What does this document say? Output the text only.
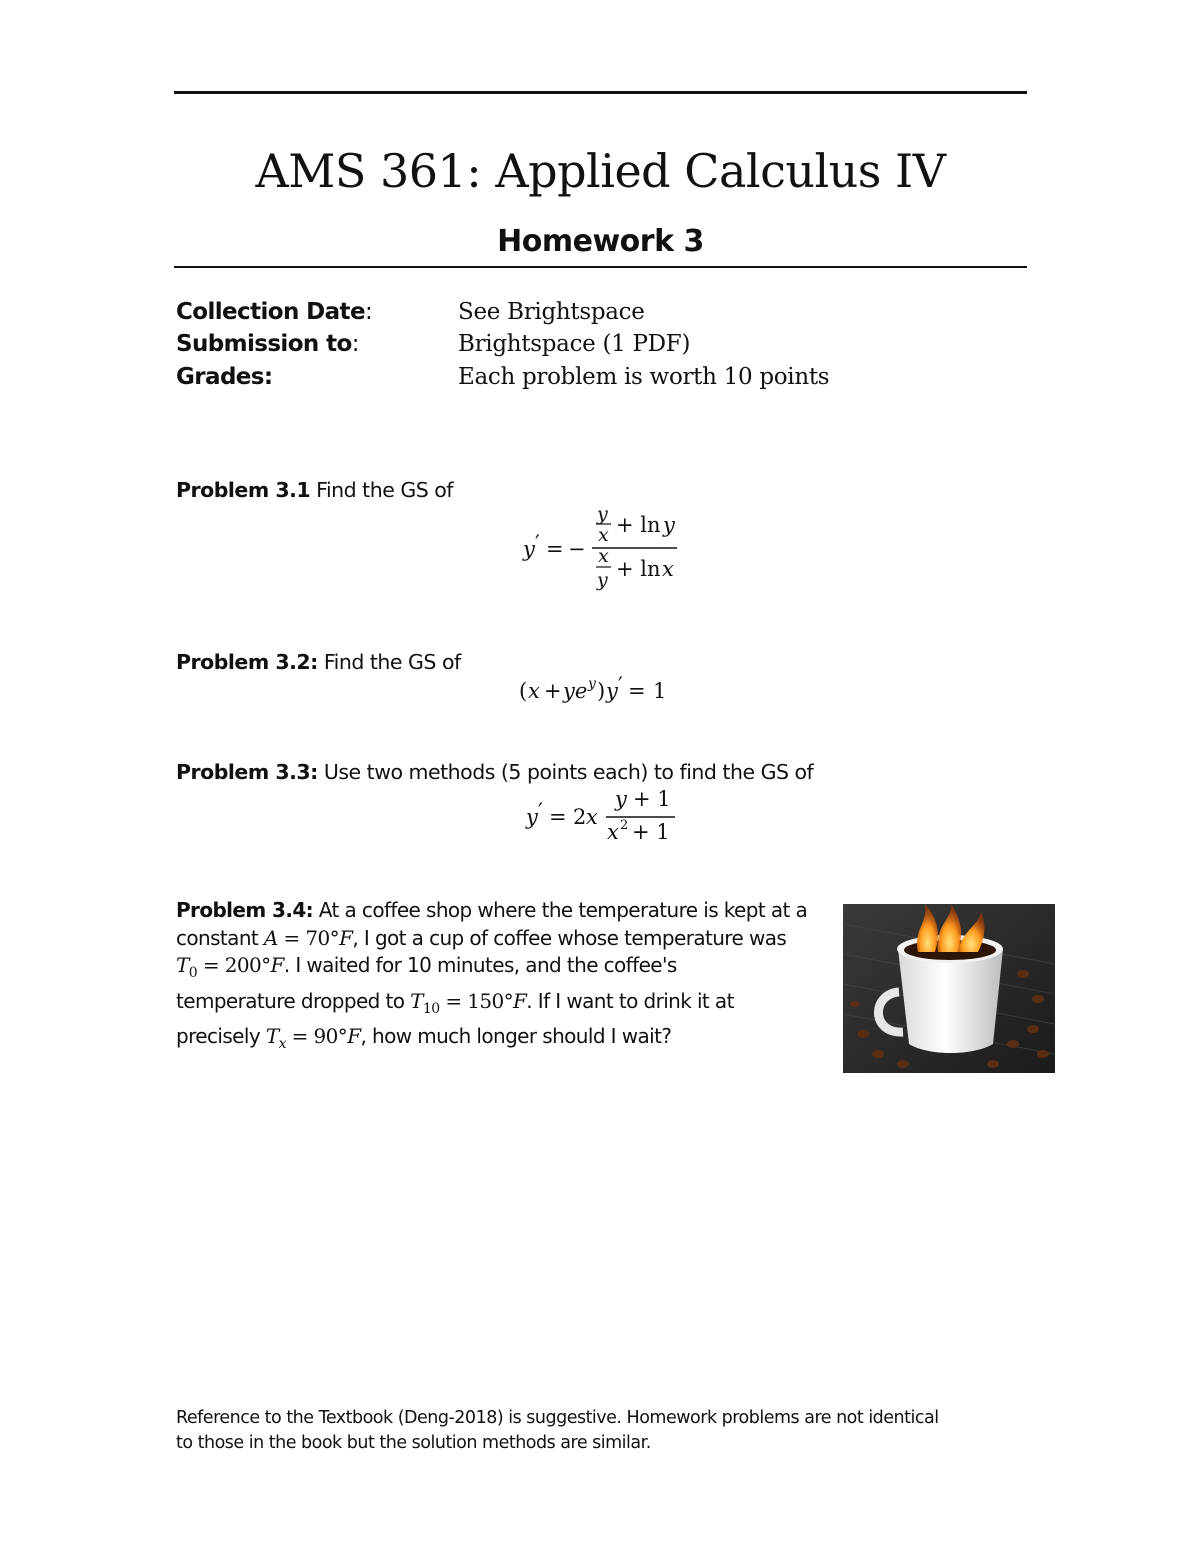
AMS 361: Applied Calculus IV
Homework 3
Collection Date:	See Brightspace
Submission to:	Brightspace (1 PDF)
Grades:	Each problem is worth 10 points
Problem 3.1 Find the GS of
y ′ = −
y
x + ln y
x
y + ln x
Problem 3.2: Find the GS of
( x + ye y ) y ′ = 1
Problem 3.3: Use two methods (5 points each) to find the GS of
y ′ = 2 x
y + 1
x 2 + 1
Problem 3.4: At a coffee shop where the temperature is kept at a
constant A = 70°F, I got a cup of coffee whose temperature was
$T_0 = 200^\circ F$. I waited for 10 minutes, and the coffee's
temperature dropped to $T_{10} = 150^\circ F$. If I want to drink it at
precisely $T_x = 90^\circ F$, how much longer should I wait?
Reference to the Textbook (Deng-2018) is suggestive. Homework problems are not identical
to those in the book but the solution methods are similar.
